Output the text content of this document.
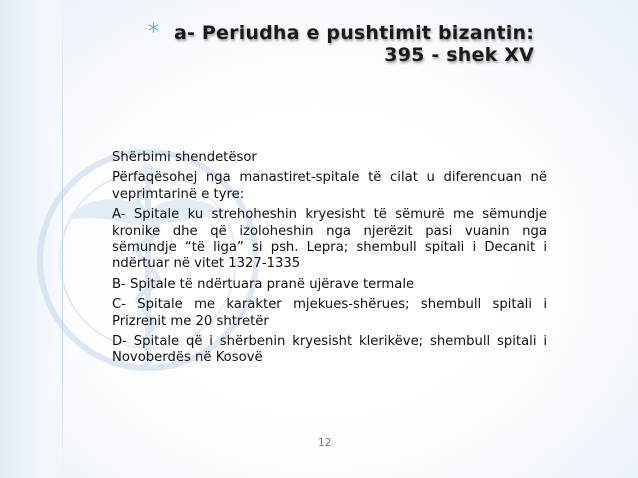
* a- Periudha e pushtimit bizantin:
395 - shek XV

Shërbimi shendetësor

Përfaqësohej nga manastiret-spitale të cilat u diferencuan në veprimtarinë e tyre:

A- Spitale ku strehoheshin kryesisht të sëmurë me sëmundje kronike dhe që izoloheshin nga njerëzit pasi vuanin nga sëmundje “të liga” si psh. Lepra; shembull spitali i Decanit i ndërtuar në vitet 1327-1335

B- Spitale të ndërtuara pranë ujërave termale

C- Spitale me karakter mjekues-shërues; shembull spitali i Prizrenit me 20 shtretër

D- Spitale që i shërbenin kryesisht klerikëve; shembull spitali i Novoberdës në Kosovë

12
